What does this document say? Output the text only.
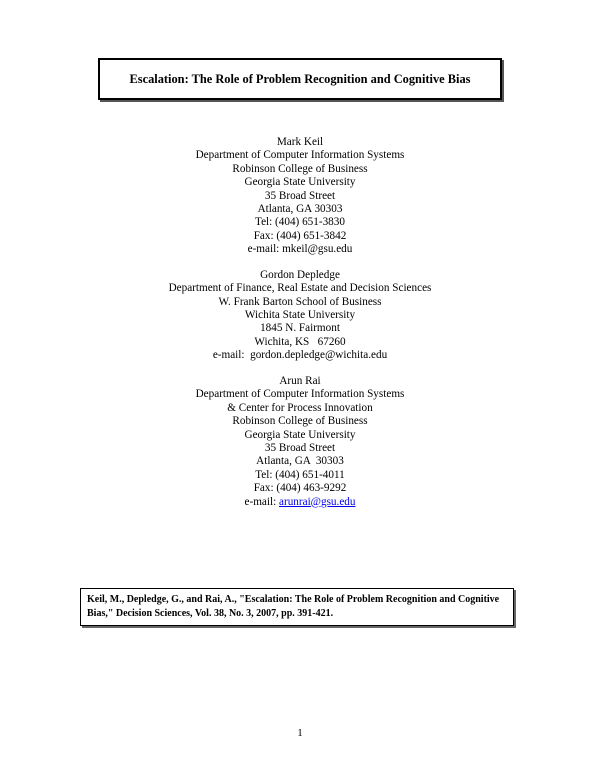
Escalation: The Role of Problem Recognition and Cognitive Bias
Mark Keil
Department of Computer Information Systems
Robinson College of Business
Georgia State University
35 Broad Street
Atlanta, GA 30303
Tel: (404) 651-3830
Fax: (404) 651-3842
e-mail: mkeil@gsu.edu
Gordon Depledge
Department of Finance, Real Estate and Decision Sciences
W. Frank Barton School of Business
Wichita State University
1845 N. Fairmont
Wichita, KS   67260
e-mail:  gordon.depledge@wichita.edu
Arun Rai
Department of Computer Information Systems
& Center for Process Innovation
Robinson College of Business
Georgia State University
35 Broad Street
Atlanta, GA  30303
Tel: (404) 651-4011
Fax: (404) 463-9292
e-mail: arunrai@gsu.edu

Keil, M., Depledge, G., and Rai, A., "Escalation: The Role of Problem Recognition and Cognitive Bias," Decision Sciences, Vol. 38, No. 3, 2007, pp. 391-421.

1
